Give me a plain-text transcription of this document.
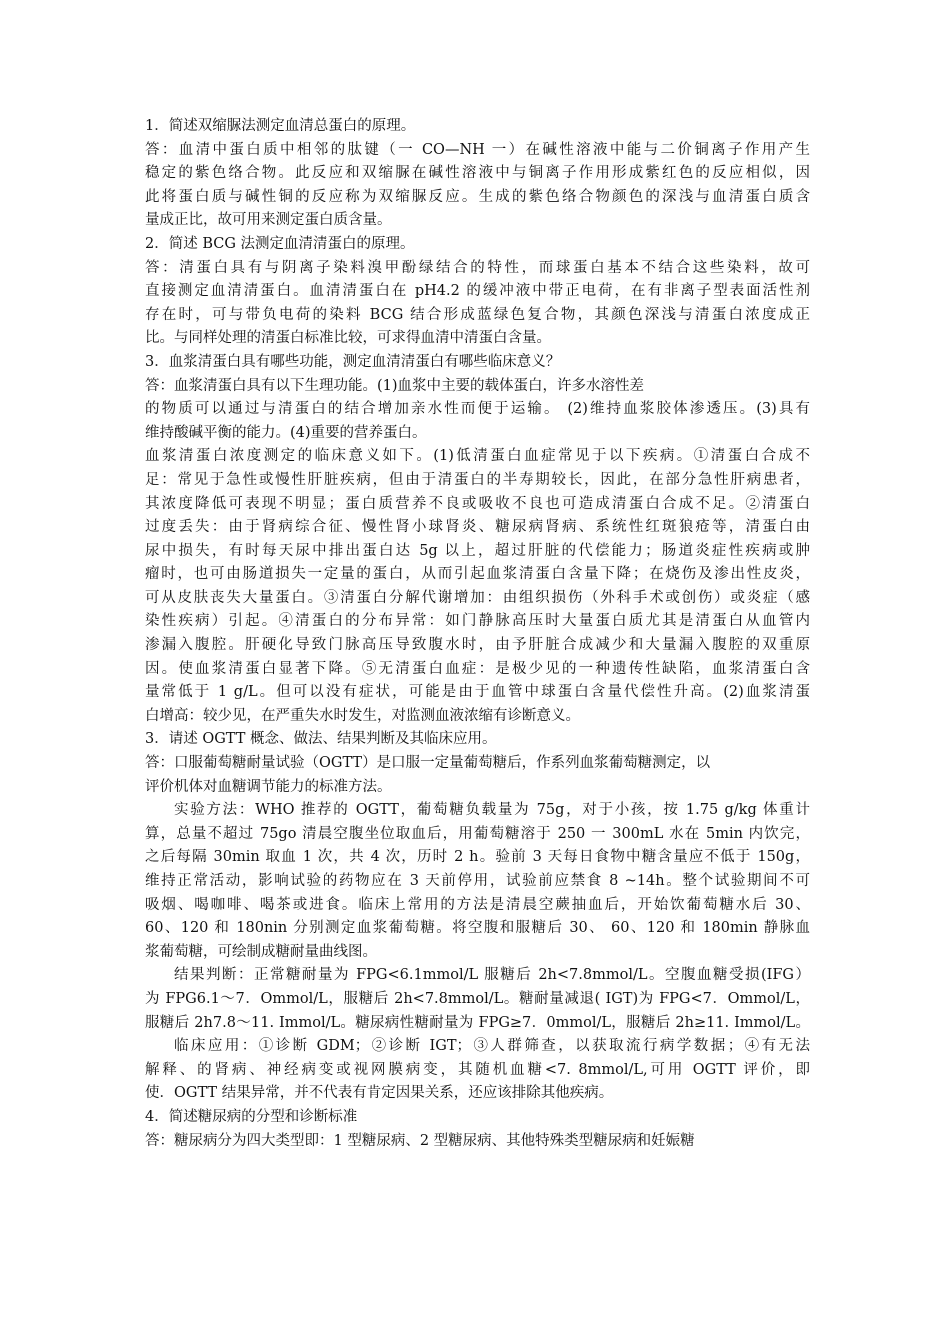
1．简述双缩脲法测定血清总蛋白的原理。
答：血清中蛋白质中相邻的肽键（一 CO—NH 一）在碱性溶液中能与二价铜离子作用产生
稳定的紫色络合物。此反应和双缩脲在碱性溶液中与铜离子作用形成紫红色的反应相似，因
此将蛋白质与碱性铜的反应称为双缩脲反应。生成的紫色络合物颜色的深浅与血清蛋白质含
量成正比，故可用来测定蛋白质含量。
2．简述 BCG 法测定血清清蛋白的原理。
答：清蛋白具有与阴离子染料溴甲酚绿结合的特性，而球蛋白基本不结合这些染料，故可
直接测定血清清蛋白。血清清蛋白在 pH4.2 的缓冲液中带正电荷，在有非离子型表面活性剂
存在时，可与带负电荷的染料 BCG 结合形成蓝绿色复合物，其颜色深浅与清蛋白浓度成正
比。与同样处理的清蛋白标准比较，可求得血清中清蛋白含量。
3．血浆清蛋白具有哪些功能，测定血清清蛋白有哪些临床意义？
答：血浆清蛋白具有以下生理功能。(1)血浆中主要的载体蛋白，许多水溶性差
的物质可以通过与清蛋白的结合增加亲水性而便于运输。 (2)维持血浆胶体渗透压。(3)具有
维持酸碱平衡的能力。(4)重要的营养蛋白。
血浆清蛋白浓度测定的临床意义如下。(1)低清蛋白血症常见于以下疾病。①清蛋白合成不
足：常见于急性或慢性肝脏疾病，但由于清蛋白的半寿期较长，因此，在部分急性肝病患者，
其浓度降低可表现不明显；蛋白质营养不良或吸收不良也可造成清蛋白合成不足。②清蛋白
过度丢失：由于肾病综合征、慢性肾小球肾炎、糖尿病肾病、系统性红斑狼疮等，清蛋白由
尿中损失，有时每天尿中排出蛋白达 5g 以上，超过肝脏的代偿能力；肠道炎症性疾病或肿
瘤时，也可由肠道损失一定量的蛋白，从而引起血浆清蛋白含量下降；在烧伤及渗出性皮炎，
可从皮肤丧失大量蛋白。③清蛋白分解代谢增加：由组织损伤（外科手术或创伤）或炎症（感
染性疾病）引起。④清蛋白的分布异常：如门静脉高压时大量蛋白质尤其是清蛋白从血管内
渗漏入腹腔。肝硬化导致门脉高压导致腹水时，由予肝脏合成减少和大量漏入腹腔的双重原
因。使血浆清蛋白显著下降。⑤无清蛋白血症：是极少见的一种遗传性缺陷，血浆清蛋白含
量常低于 1 g/L。但可以没有症状，可能是由于血管中球蛋白含量代偿性升高。(2)血浆清蛋
白增高：较少见，在严重失水时发生，对监测血液浓缩有诊断意义。
3．请述 OGTT 概念、做法、结果判断及其临床应用。
答：口服葡萄糖耐量试验（OGTT）是口服一定量葡萄糖后，作系列血浆葡萄糖测定，以
评价机体对血糖调节能力的标准方法。
实验方法：WHO 推荐的 OGTT，葡萄糖负载量为 75g，对于小孩，按 1.75 g/kg 体重计
算，总量不超过 75go 清晨空腹坐位取血后，用葡萄糖溶于 250 一 300mL 水在 5min 内饮完，
之后每隔 30min 取血 1 次，共 4 次，历时 2 h。验前 3 天每日食物中糖含量应不低于 150g，
维持正常活动，影响试验的药物应在 3 天前停用，试验前应禁食 8 ~14h。整个试验期间不可
吸烟、喝咖啡、喝茶或进食。临床上常用的方法是清晨空蕨抽血后，开始饮葡萄糖水后 30、
60、120 和 180nin 分别测定血浆葡萄糖。将空腹和服糖后 30、 60、120 和 180min 静脉血
浆葡萄糖，可绘制成糖耐量曲线图。
结果判断：正常糖耐量为 FPG<6.1mmol/L 服糖后 2h<7.8mmol/L。空腹血糖受损(IFG）
为 FPG6.1～7．Ommol/L，服糖后 2h<7.8mmol/L。糖耐量减退( IGT)为 FPG<7．Ommol/L，
服糖后 2h7.8～11. Immol/L。糖尿病性糖耐量为 FPG≥7．0mmol/L，服糖后 2h≥11. Immol/L。
临床应用：①诊断 GDM；②诊断 IGT；③人群筛查，以获取流行病学数据；④有无法
解释、的肾病、神经病变或视网膜病变，其随机血糖<7. 8mmol/L,可用 OGTT 评价，即
使．OGTT 结果异常，并不代表有肯定因果关系，还应该排除其他疾病。
4．简述糖尿病的分型和诊断标准
答：糖尿病分为四大类型即：1 型糖尿病、2 型糖尿病、其他特殊类型糖尿病和妊娠糖
